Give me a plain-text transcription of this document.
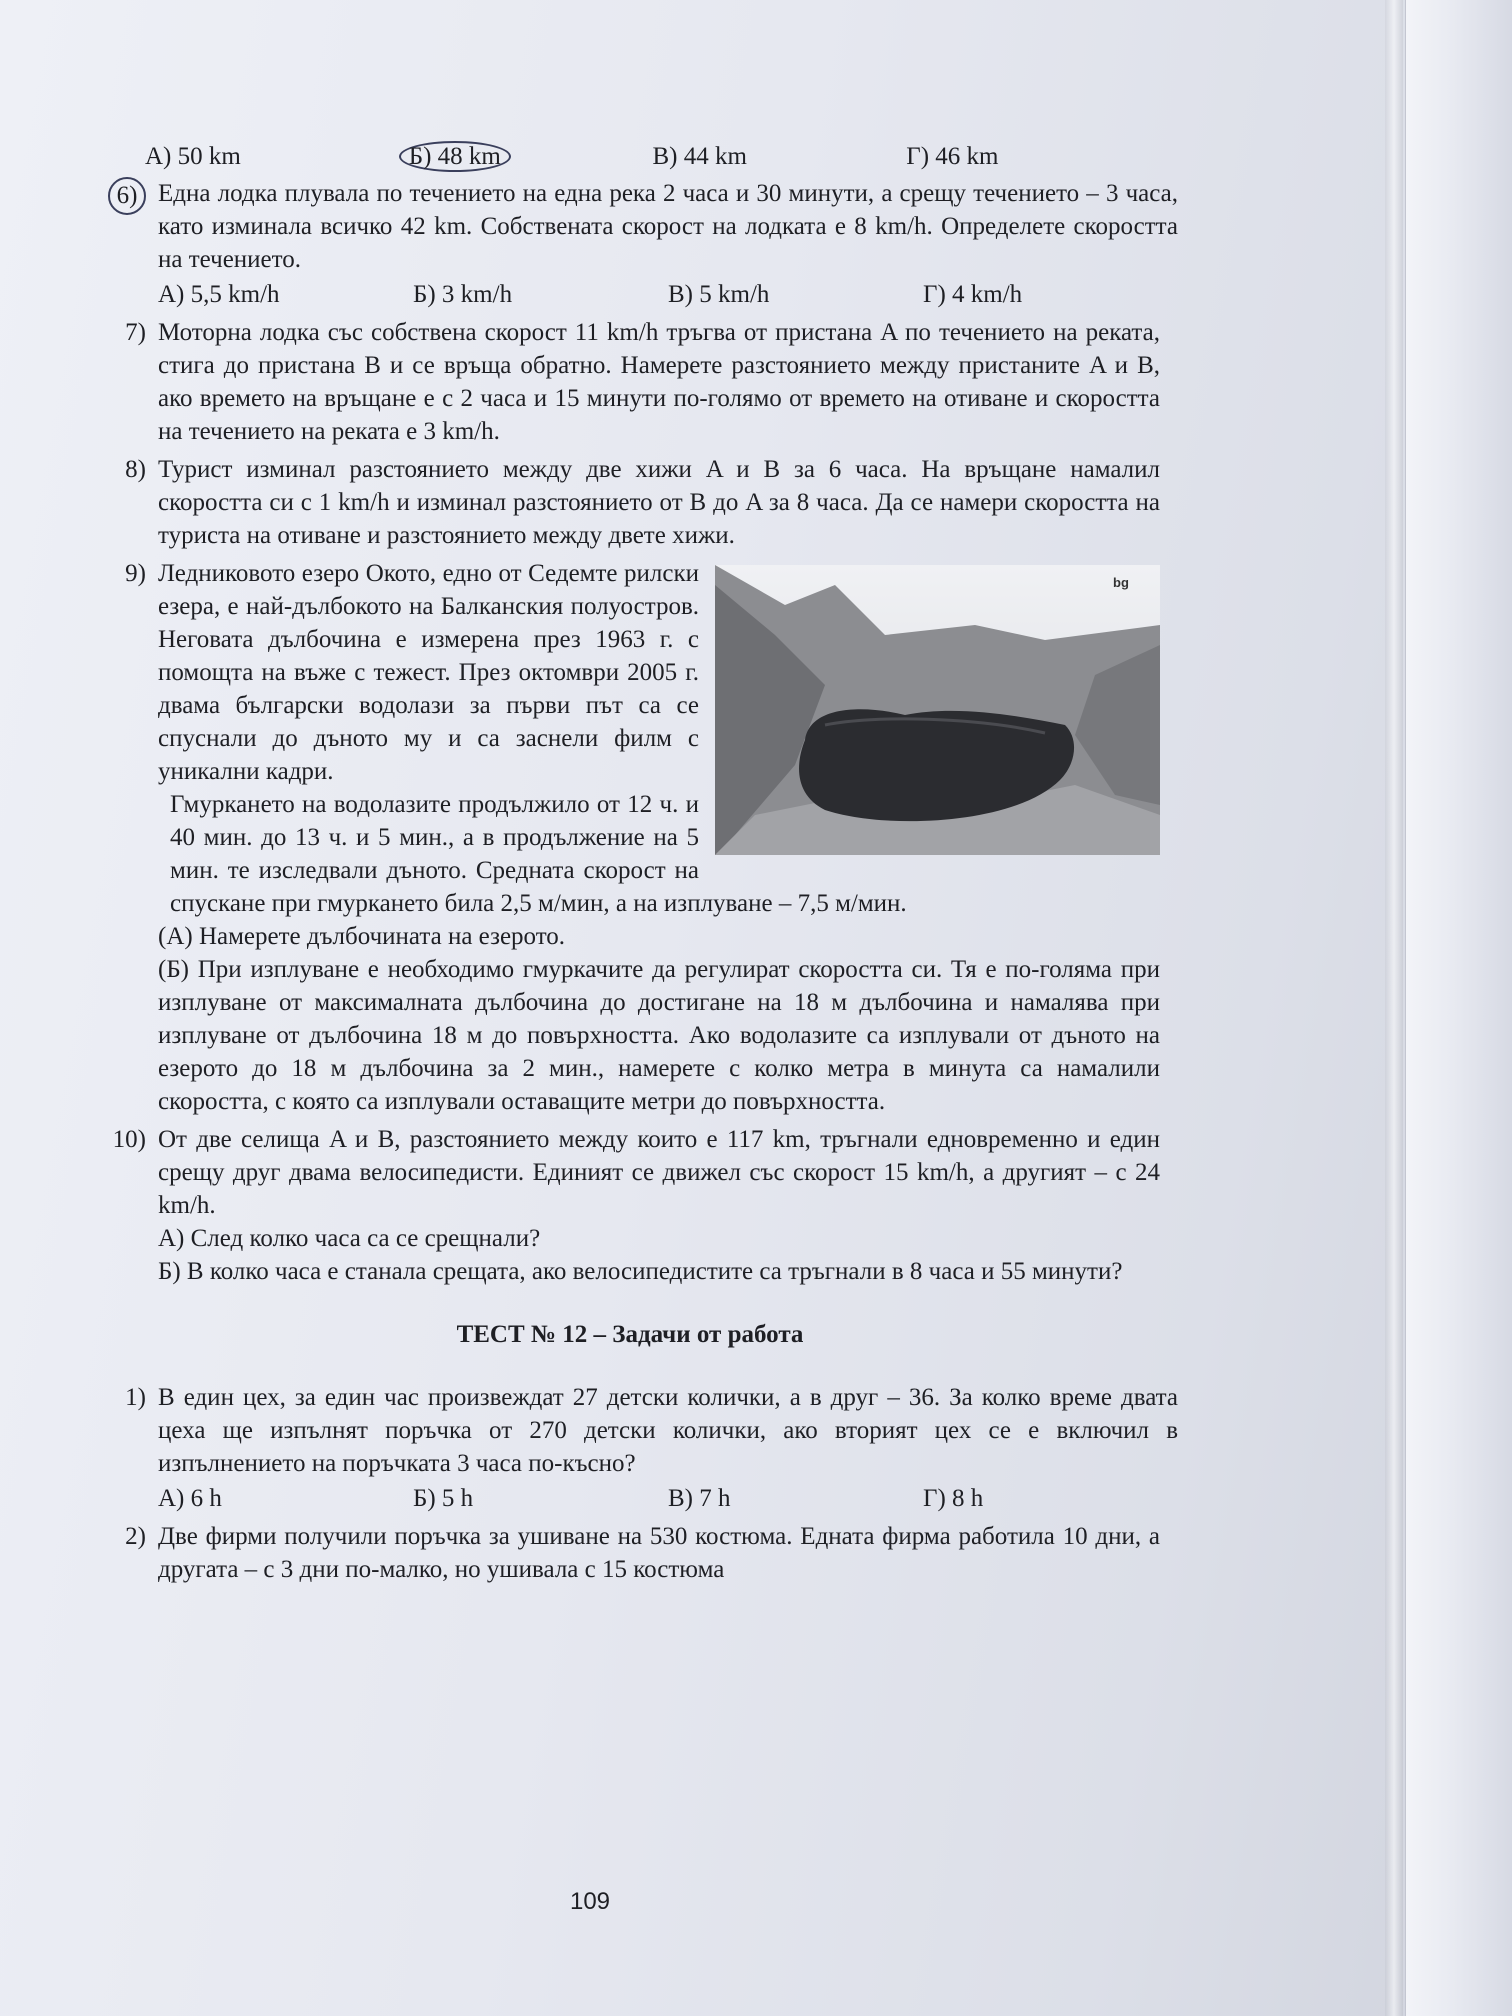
А) 50 km	Б) 48 km	В) 44 km	Г) 46 km
6) Една лодка плувала по течението на една река 2 часа и 30 минути, а срещу течението – 3 часа, като изминала всичко 42 km. Собствената скорост на лодката е 8 km/h. Определете скоростта на течението.
А) 5,5 km/h	Б) 3 km/h	В) 5 km/h	Г) 4 km/h
7) Моторна лодка със собствена скорост 11 km/h тръгва от пристана A по течението на реката, стига до пристана B и се връща обратно. Намерете разстоянието между пристаните A и B, ако времето на връщане е с 2 часа и 15 минути по-голямо от времето на отиване и скоростта на течението на реката е 3 km/h.
8) Турист изминал разстоянието между две хижи A и B за 6 часа. На връщане намалил скоростта си с 1 km/h и изминал разстоянието от B до A за 8 часа. Да се намери скоростта на туриста на отиване и разстоянието между двете хижи.
9)	bg
Ледниковото езеро Окото, едно от Седемте рилски езера, е най-дълбокото на Балканския полуостров. Неговата дълбочина е измерена през 1963 г. с помощта на въже с тежест. През октомври 2005 г. двама български водолази за първи път са се спуснали до дъното му и са заснели филм с уникални кадри.
Гмуркането на водолазите продължило от 12 ч. и 40 мин. до 13 ч. и 5 мин., а в продължение на 5 мин. те изследвали дъното. Средната скорост на спускане при гмуркането била 2,5 м/мин, а на изплуване – 7,5 м/мин.
(А) Намерете дълбочината на езерото.
(Б) При изплуване е необходимо гмуркачите да регулират скоростта си. Тя е по-голяма при изплуване от максималната дълбочина до достигане на 18 м дълбочина и намалява при изплуване от дълбочина 18 м до повърхността. Ако водолазите са изплували от дъното на езерото до 18 м дълбочина за 2 мин., намерете с колко метра в минута са намалили скоростта, с която са изплували оставащите метри до повърхността.
10) От две селища A и B, разстоянието между които е 117 km, тръгнали едновременно и един срещу друг двама велосипедисти. Единият се движел със скорост 15 km/h, а другият – с 24 km/h.
А) След колко часа са се срещнали?
Б) В колко часа е станала срещата, ако велосипедистите са тръгнали в 8 часа и 55 минути?
ТЕСТ № 12 – Задачи от работа
1) В един цех, за един час произвеждат 27 детски колички, а в друг – 36. За колко време двата цеха ще изпълнят поръчка от 270 детски колички, ако вторият цех се е включил в изпълнението на поръчката 3 часа по-късно?
А) 6 h	Б) 5 h	В) 7 h	Г) 8 h
2) Две фирми получили поръчка за ушиване на 530 костюма. Едната фирма работила 10 дни, а другата – с 3 дни по-малко, но ушивала с 15 костюма
109
